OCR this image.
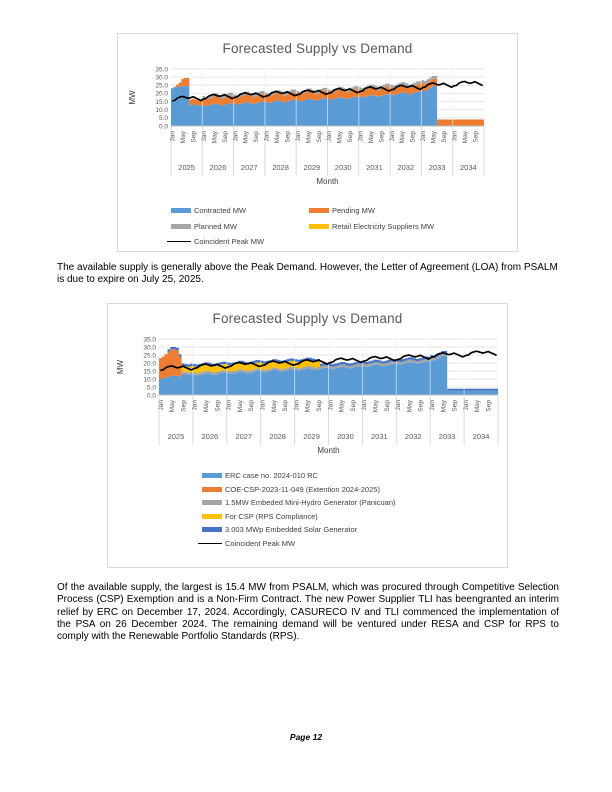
0.0
5.0
10.0
15.0
20.0
25.0
30.0
35.0
MW
Jan May Sep Jan May Sep Jan May Sep Jan May Sep Jan May Sep Jan May Sep Jan May Sep Jan May Sep Jan May Sep Jan May Sep
2025 2026 2027 2028 2029 2030 2031 2032 2033 2034
Month
Forecasted Supply vs Demand
Contracted MW	Pending MW
Planned MW	Retail Electricity Suppliers MW
Coincident Peak MW

The available supply is generally above the Peak Demand. However, the Letter of Agreement (LOA) from PSALM is due to expire on July 25, 2025.

0.0
5.0
10.0
15.0
20.0
25.0
30.0
35.0
MW
Jan May Sep Jan May Sep Jan May Sep Jan May Sep Jan May Sep Jan May Sep Jan May Sep Jan May Sep Jan May Sep Jan May Sep
2025 2026 2027 2028 2029 2030 2031 2032 2033 2034
Month
Forecasted Supply vs Demand
ERC case no. 2024-010 RC
COE-CSP-2023-11-049 (Extention 2024-2025)
1.5MW Embeded Mini-Hydro Generator (Panicuan)
For CSP (RPS Compliance)
3.003 MWp Embedded Solar Generator
Coincident Peak MW

Of the available supply, the largest is 15.4 MW from PSALM, which was procured through Competitive Selection Process (CSP) Exemption and is a Non-Firm Contract. The new Power Supplier TLI has beengranted an interim relief by ERC on December 17, 2024. Accordingly, CASURECO IV and TLI commenced the implementation of the PSA on 26 December 2024. The remaining demand will be ventured under RESA and CSP for RPS to comply with the Renewable Portfolio Standards (RPS).

Page 12
